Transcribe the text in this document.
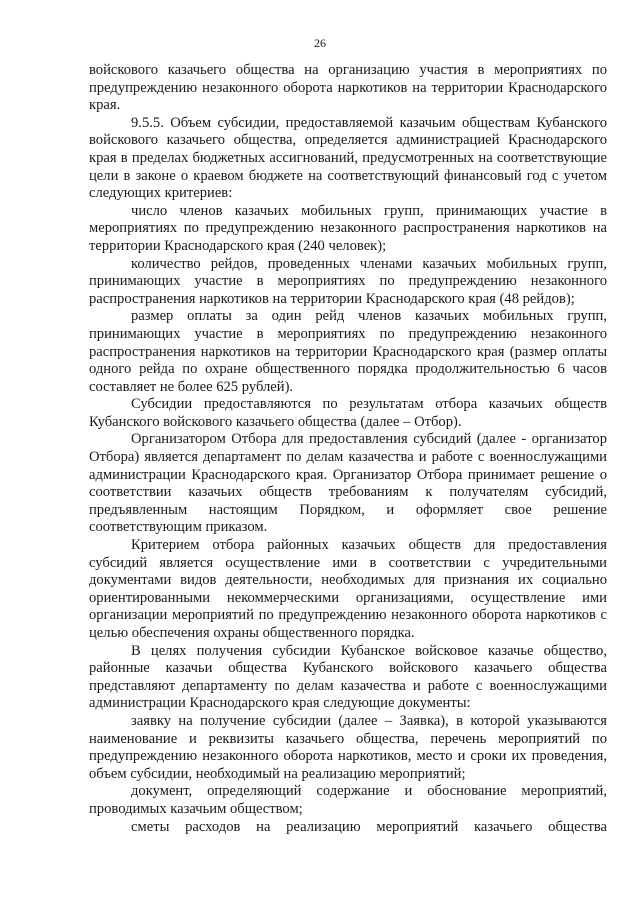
26

войскового казачьего общества на организацию участия в мероприятиях по предупреждению незаконного оборота наркотиков на территории Краснодарского края.

9.5.5. Объем субсидии, предоставляемой казачьим обществам Кубанского войскового казачьего общества, определяется администрацией Краснодарского края в пределах бюджетных ассигнований, предусмотренных на соответствующие цели в законе о краевом бюджете на соответствующий финансовый год с учетом следующих критериев:

число членов казачьих мобильных групп, принимающих участие в мероприятиях по предупреждению незаконного распространения наркотиков на территории Краснодарского края (240 человек);

количество рейдов, проведенных членами казачьих мобильных групп, принимающих участие в мероприятиях по предупреждению незаконного распространения наркотиков на территории Краснодарского края (48 рейдов);

размер оплаты за один рейд членов казачьих мобильных групп, принимающих участие в мероприятиях по предупреждению незаконного распространения наркотиков на территории Краснодарского края (размер оплаты одного рейда по охране общественного порядка продолжительностью 6 часов составляет не более 625 рублей).

Субсидии предоставляются по результатам отбора казачьих обществ Кубанского войскового казачьего общества (далее – Отбор).

Организатором Отбора для предоставления субсидий (далее - организатор Отбора) является департамент по делам казачества и работе с военнослужащими администрации Краснодарского края. Организатор Отбора принимает решение о соответствии казачьих обществ требованиям к получателям субсидий, предъявленным настоящим Порядком, и оформляет свое решение соответствующим приказом.

Критерием отбора районных казачьих обществ для предоставления субсидий является осуществление ими в соответствии с учредительными документами видов деятельности, необходимых для признания их социально ориентированными некоммерческими организациями, осуществление ими организации мероприятий по предупреждению незаконного оборота наркотиков с целью обеспечения охраны общественного порядка.

В целях получения субсидии Кубанское войсковое казачье общество, районные казачьи общества Кубанского войскового казачьего общества представляют департаменту по делам казачества и работе с военнослужащими администрации Краснодарского края следующие документы:

заявку на получение субсидии (далее – Заявка), в которой указываются наименование и реквизиты казачьего общества, перечень мероприятий по предупреждению незаконного оборота наркотиков, место и сроки их проведения, объем субсидии, необходимый на реализацию мероприятий;

документ, определяющий содержание и обоснование мероприятий, проводимых казачьим обществом;

сметы расходов на реализацию мероприятий казачьего общества
